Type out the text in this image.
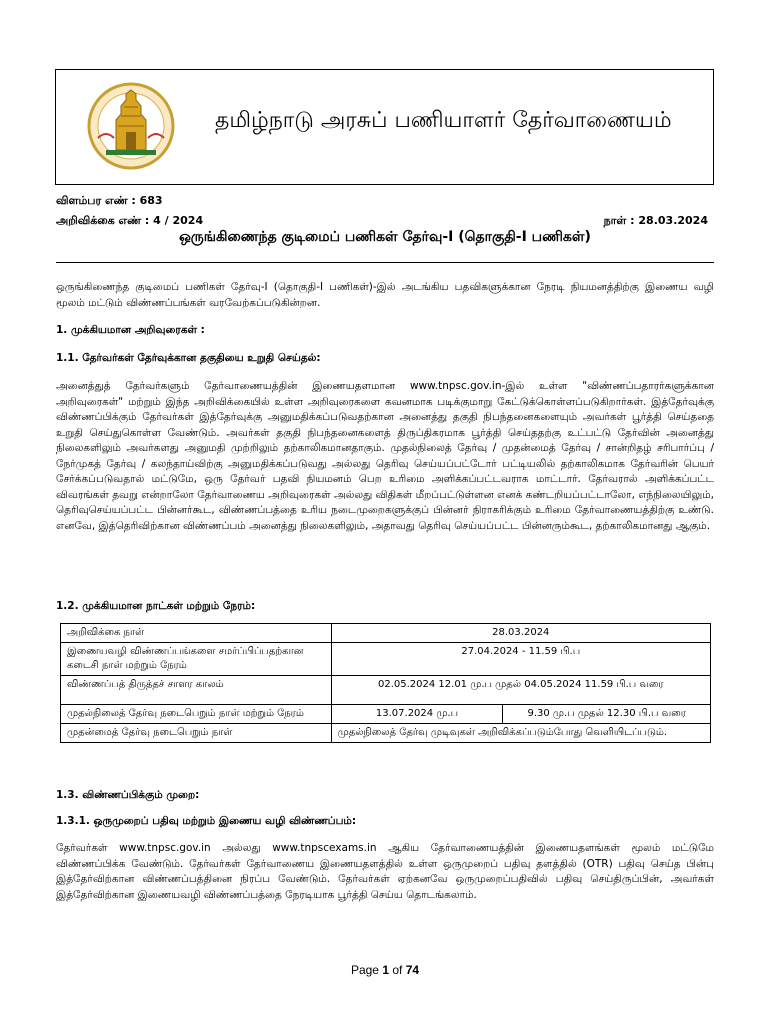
தமிழ்நாடு அரசுப் பணியாளர் தேர்வாணையம்
விளம்பர எண் : 683
அறிவிக்கை எண் : 4 / 2024	நாள் : 28.03.2024
ஒருங்கிணைந்த குடிமைப் பணிகள் தேர்வு-I (தொகுதி-I பணிகள்)
ஒருங்கிணைந்த குடிமைப் பணிகள் தேர்வு-I (தொகுதி-I பணிகள்)-இல் அடங்கிய பதவிகளுக்கான நேரடி நியமனத்திற்கு இணைய வழி மூலம் மட்டும் விண்ணப்பங்கள் வரவேற்கப்படுகின்றன.
1. முக்கியமான அறிவுரைகள் :
1.1. தேர்வர்கள் தேர்வுக்கான தகுதியை உறுதி செய்தல்:
அனைத்துத் தேர்வர்களும் தேர்வாணையத்தின் இணையதளமான www.tnpsc.gov.in-இல் உள்ள "விண்ணப்பதாரர்களுக்கான அறிவுரைகள்" மற்றும் இந்த அறிவிக்கையில் உள்ள அறிவுரைகளை கவனமாக படிக்குமாறு கேட்டுக்கொள்ளப்படுகிறார்கள். இத்தேர்வுக்கு விண்ணப்பிக்கும் தேர்வர்கள் இத்தேர்வுக்கு அனுமதிக்கப்படுவதற்கான அனைத்து தகுதி நிபந்தனைகளையும் அவர்கள் பூர்த்தி செய்ததை உறுதி செய்துகொள்ள வேண்டும். அவர்கள் தகுதி நிபந்தனைகளைத் திருப்திகரமாக பூர்த்தி செய்ததற்கு உட்பட்டு தேர்வின் அனைத்து நிலைகளிலும் அவர்களது அனுமதி முற்றிலும் தற்காலிகமானதாகும். முதல்நிலைத் தேர்வு / முதன்மைத் தேர்வு / சான்றிதழ் சரிபார்ப்பு / நேர்முகத் தேர்வு / கலந்தாய்விற்கு அனுமதிக்கப்படுவது அல்லது தெரிவு செய்யப்பட்டோர் பட்டியலில் தற்காலிகமாக தேர்வரின் பெயர் சேர்க்கப்படுவதால் மட்டுமே, ஒரு தேர்வர் பதவி நியமனம் பெற உரிமை அளிக்கப்பட்டவராக மாட்டார். தேர்வரால் அளிக்கப்பட்ட விவரங்கள் தவறு என்றாலோ தேர்வாணைய அறிவுரைகள் அல்லது விதிகள் மீறப்பட்டுள்ளன எனக் கண்டறியப்பட்டாலோ, எந்நிலையிலும், தெரிவுசெய்யப்பட்ட பின்னர்கூட, விண்ணப்பத்தை உரிய நடைமுறைகளுக்குப் பின்னர் நிராகரிக்கும் உரிமை தேர்வாணையத்திற்கு உண்டு. எனவே, இத்தெரிவிற்கான விண்ணப்பம் அனைத்து நிலைகளிலும், அதாவது தெரிவு செய்யப்பட்ட பின்னரும்கூட, தற்காலிகமானது ஆகும்.
1.2. முக்கியமான நாட்கள் மற்றும் நேரம்:
அறிவிக்கை நாள்	28.03.2024	
இணையவழி விண்ணப்பங்களை சமர்ப்பிப்பதற்கான கடைசி நாள் மற்றும் நேரம்	27.04.2024 - 11.59 பி.ப	
விண்ணப்பத் திருத்தச் சாளர காலம்	02.05.2024 12.01 மு.ப முதல் 04.05.2024 11.59 பி.ப வரை	
முதல்நிலைத் தேர்வு நடைபெறும் நாள் மற்றும் நேரம்	13.07.2024 மு.ப	9.30 மு.ப முதல் 12.30 பி.ப வரை
முதன்மைத் தேர்வு நடைபெறும் நாள்	முதல்நிலைத் தேர்வு முடிவுகள் அறிவிக்கப்படும்போது வெளியிடப்படும்.	
1.3. விண்ணப்பிக்கும் முறை:
1.3.1. ஒருமுறைப் பதிவு மற்றும் இணைய வழி விண்ணப்பம்:
தேர்வர்கள் www.tnpsc.gov.in அல்லது www.tnpscexams.in ஆகிய தேர்வாணையத்தின் இணையதளங்கள் மூலம் மட்டுமே விண்ணப்பிக்க வேண்டும். தேர்வர்கள் தேர்வாணைய இணையதளத்தில் உள்ள ஒருமுறைப் பதிவு தளத்தில் (OTR) பதிவு செய்த பின்பு இத்தேர்விற்கான விண்ணப்பத்தினை நிரப்ப வேண்டும். தேர்வர்கள் ஏற்கனவே ஒருமுறைப்பதிவில் பதிவு செய்திருப்பின், அவர்கள் இத்தேர்விற்கான இணையவழி விண்ணப்பத்தை நேரடியாக பூர்த்தி செய்ய தொடங்கலாம்.
Page 1 of 74
